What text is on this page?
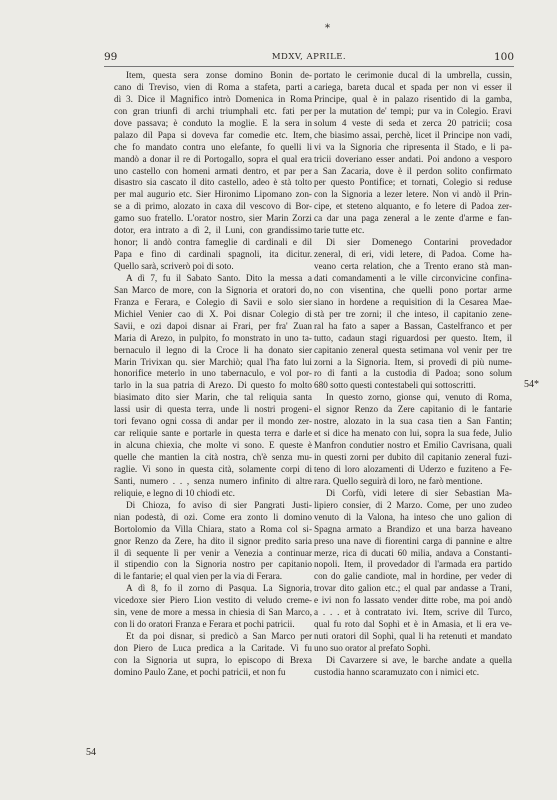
*
99	MDXV, APRILE.	100
Item, questa sera zonse domino Bonin de-
cano di Treviso, vien di Roma a stafeta, parti a
dì 3. Dice il Magnifico intrò Domenica in Roma
con gran triunfi di archi triumphali etc. fati per
dove passava; è conduto la moglie. E la sera in
palazo dil Papa si doveva far comedie etc. Item,
che fo mandato contra uno elefante, fo quelli li
mandò a donar il re di Portogallo, sopra el qual era
uno castello con homeni armati dentro, et par per
disastro sia cascato il dito castello, adeo è stà tolto
per mal augurio etc. Sier Hironimo Lipomano zon-
se a dì primo, alozato in caxa dil vescovo di Bor-
gamo suo fratello. L'orator nostro, sier Marin Zorzi
dotor, era intrato a dì 2, il Luni, con grandissimo
honor; li andò contra fameglie di cardinali e dil
Papa e fino di cardinali spagnoli, ita dicitur.
Quello sarà, scriverò poi di soto.
A dì 7, fu il Sabato Santo. Dito la messa a
San Marco de more, con la Signoria et oratori do,
Franza e Ferara, e Colegio di Savii e solo sier
Michiel Venier cao di X. Poi disnar Colegio di
Savii, e ozi dapoi disnar ai Frari, per fra' Zuan
Maria di Arezo, in pulpito, fo monstrato in uno ta-
bernaculo il legno di la Croce li ha donato sier
Marin Trivixan qu. sier Marchiò; qual l'ha fato lui
honorifice meterlo in uno tabernaculo, e vol por-
tarlo in la sua patria di Arezo. Di questo fo molto
biasimato dito sier Marin, che tal reliquia santa
lassi usir di questa terra, unde li nostri progeni-
tori fevano ogni cossa di andar per il mondo zer-
car reliquie sante e portarle in questa terra e darle
in alcuna chiexia, che molte vi sono. E queste è
quelle che mantien la cità nostra, ch'è senza mu-
raglie. Vi sono in questa cità, solamente corpi di
Santi, numero . . , senza numero infinito di altre
reliquie, e legno di 10 chiodi etc.
Di Chioza, fo aviso di sier Pangrati Justi-
nian podestà, di ozi. Come era zonto li domino
Bortolomio da Villa Chiara, stato a Roma col si-
gnor Renzo da Zere, ha dito il signor predito saria
il dì sequente lì per venir a Venezia a continuar
il stipendio con la Signoria nostro per capitanio
di le fantarie; el qual vien per la via di Ferara.
A dì 8, fo il zorno di Pasqua. La Signoria,
vicedoxe sier Piero Lion vestito di veludo creme-
sin, vene de more a messa in chiesia di San Marco,
con li do oratori Franza e Ferara et pochi patricii.
Et da poi disnar, si predicò a San Marco per
don Piero de Luca predica a la Caritade. Vi fu
con la Signoria ut supra, lo episcopo di Brexa
domino Paulo Zane, et pochi patricii, et non fu
portato le cerimonie ducal di la umbrella, cussin,
cariega, bareta ducal et spada per non vi esser il
Principe, qual è in palazo risentido di la gamba,
per la mutation de' tempi; pur va in Colegio. Eravi
solum 4 veste di seda et zerca 20 patricii; cosa
che biasimo assai, perchè, licet il Principe non vadi,
vi va la Signoria che ripresenta il Stado, e li pa-
tricii doveriano esser andati. Poi andono a vesporo
a San Zacaria, dove è il perdon solito confirmato
per questo Pontifice; et tornati, Colegio si reduse
con la Signoria a lezer letere. Non vi andò il Prin-
cipe, et steteno alquanto, e fo letere di Padoa zer-
ca dar una paga zeneral a le zente d'arme e fan-
tarie tutte etc.
Di sier Domenego Contarini provedador
zeneral, di eri, vidi letere, di Padoa. Come ha-
veano certa relation, che a Trento erano stà man-
dati comandamenti a le ville circonvicine confina-
no con visentina, che quelli pono portar arme
siano in hordene a requisition di la Cesarea Mae-
stà per tre zorni; il che inteso, il capitanio zene-
ral ha fato a saper a Bassan, Castelfranco et per
tutto, cadaun stagi riguardosi per questo. Item, il
capitanio zeneral questa setimana vol venir per tre
zorni a la Signoria. Item, si provedi di più nume-
ro di fanti a la custodia di Padoa; sono solum
680 sotto questi contestabeli qui sottoscritti.
In questo zorno, gionse qui, venuto di Roma,
el signor Renzo da Zere capitanio di le fantarie
nostre, alozato in la sua casa tien a San Fantin;
et si dice ha menato con lui, sopra la sua fede, Julio
Manfron condutier nostro et Emilio Cavrisana, quali
in questi zorni per dubito dil capitanio zeneral fuzi-
teno di loro alozamenti di Uderzo e fuziteno a Fe-
rara. Quello seguirà di loro, ne farò mentione.
Di Corfù, vidi letere di sier Sebastian Ma-
lipiero consier, di 2 Marzo. Come, per uno zudeo
venuto di la Valona, ha inteso che uno galion di
Spagna armato a Brandizo et una barza haveano
preso una nave di fiorentini carga di pannine e altre
merze, rica di ducati 60 milia, andava a Constanti-
nopoli. Item, il provedador di l'armada era partido
con do galie candiote, mal in hordine, per veder di
trovar dito galion etc.; el qual par andasse a Trani,
e ivi non fo lassato vender ditte robe, ma poi andò
a . . . et à contratato ivi. Item, scrive dil Turco,
qual fu roto dal Sophì et è in Amasia, et li era ve-
nuti oratori dil Sophì, qual li ha retenuti et mandato
uno suo orator al prefato Sophì.
Di Cavarzere si ave, le barche andate a quella
custodia hanno scaramuzato con i nimici etc.
54*
54
